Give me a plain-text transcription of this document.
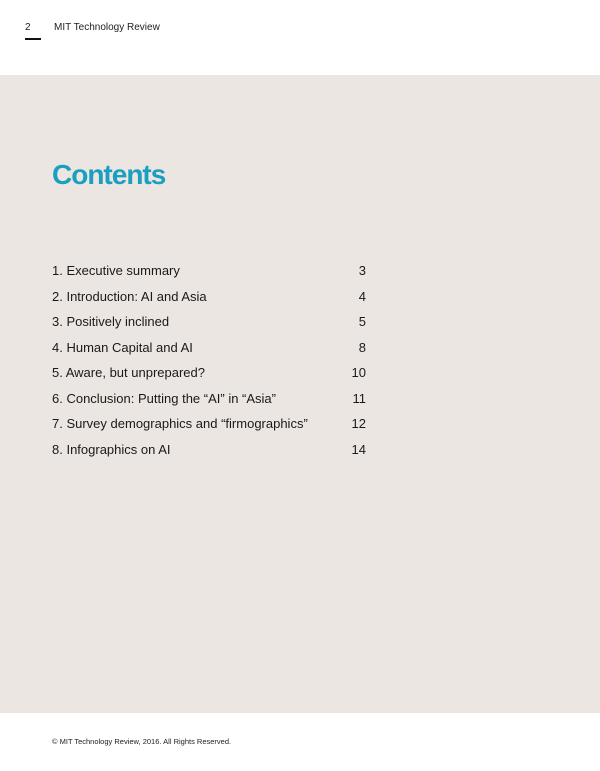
2 MIT Technology Review
Contents
1. Executive summary	3
2. Introduction: AI and Asia	4
3. Positively inclined	5
4. Human Capital and AI	8
5. Aware, but unprepared?	10
6. Conclusion: Putting the “AI” in “Asia”	11
7. Survey demographics and “firmographics”	12
8. Infographics on AI	14
© MIT Technology Review, 2016. All Rights Reserved.
